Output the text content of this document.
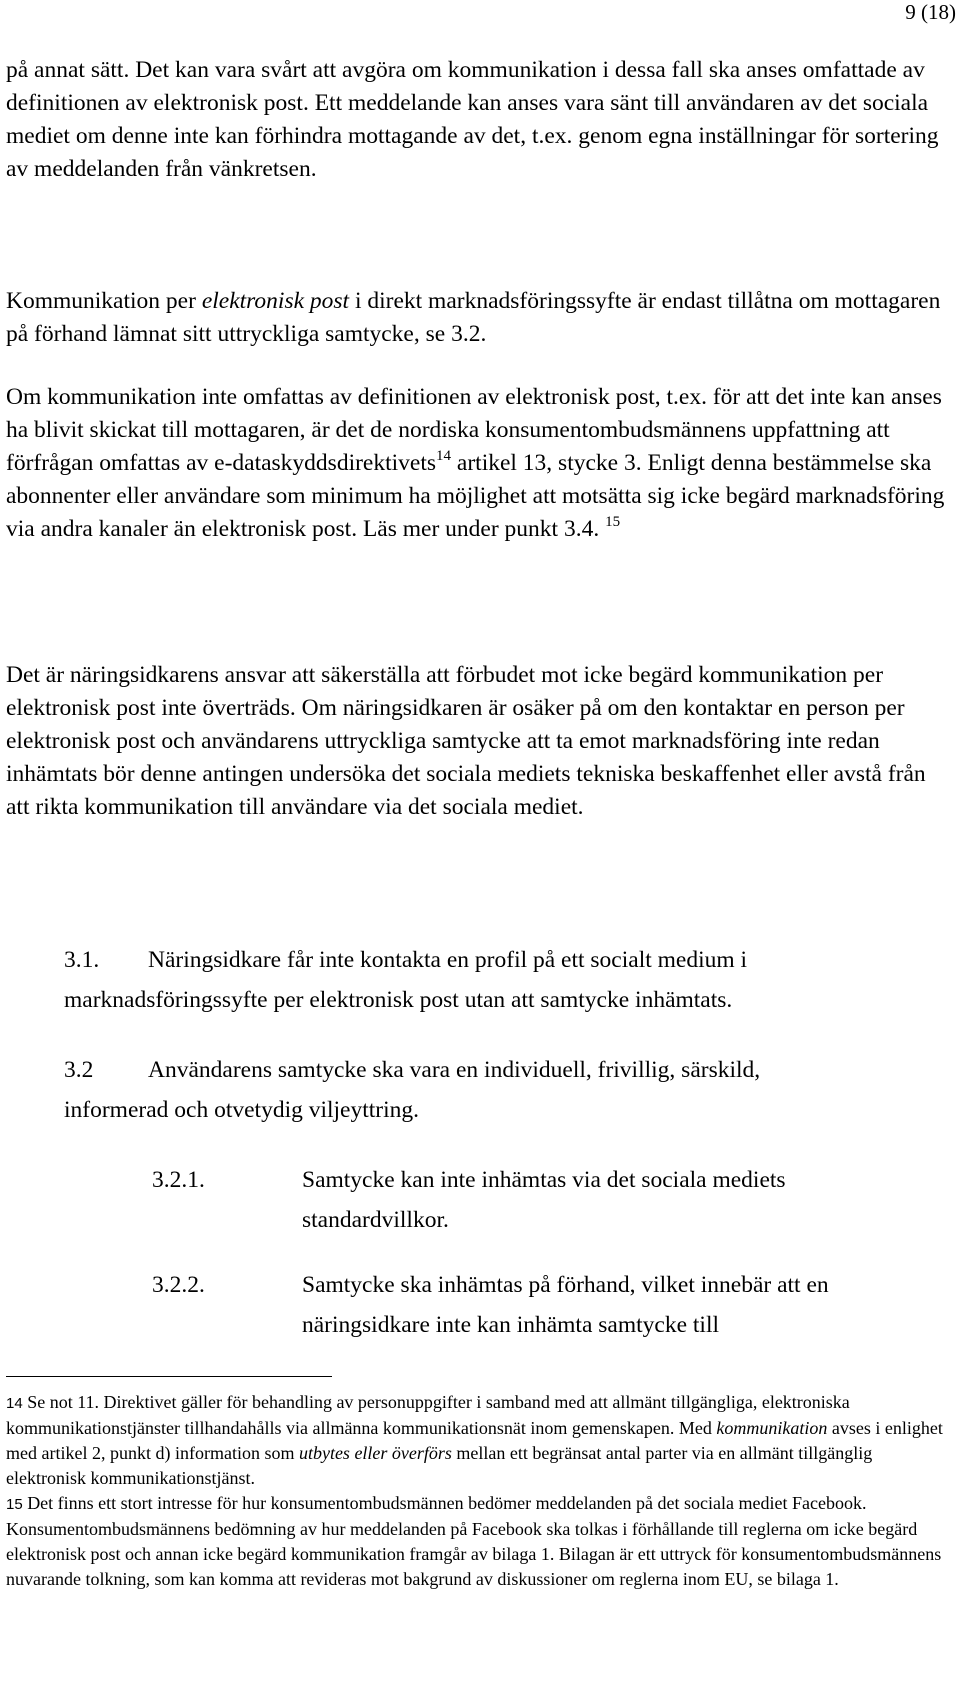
9 (18)

på annat sätt. Det kan vara svårt att avgöra om kommunikation i dessa fall ska anses omfattade av definitionen av elektronisk post. Ett meddelande kan anses vara sänt till användaren av det sociala mediet om denne inte kan förhindra mottagande av det, t.ex. genom egna inställningar för sortering av meddelanden från vänkretsen.

Kommunikation per elektronisk post i direkt marknadsföringssyfte är endast tillåtna om mottagaren på förhand lämnat sitt uttryckliga samtycke, se 3.2.

Om kommunikation inte omfattas av definitionen av elektronisk post, t.ex. för att det inte kan anses ha blivit skickat till mottagaren, är det de nordiska konsumentombudsmännens uppfattning att förfrågan omfattas av e-dataskyddsdirektivets$^{14}$ artikel 13, stycke 3. Enligt denna bestämmelse ska abonnenter eller användare som minimum ha möjlighet att motsätta sig icke begärd marknadsföring via andra kanaler än elektronisk post. Läs mer under punkt 3.4. $^{15}$

Det är näringsidkarens ansvar att säkerställa att förbudet mot icke begärd kommunikation per elektronisk post inte överträds. Om näringsidkaren är osäker på om den kontaktar en person per elektronisk post och användarens uttryckliga samtycke att ta emot marknadsföring inte redan inhämtats bör denne antingen undersöka det sociala mediets tekniska beskaffenhet eller avstå från att rikta kommunikation till användare via det sociala mediet.

3.1. Näringsidkare får inte kontakta en profil på ett socialt medium i marknadsföringssyfte per elektronisk post utan att samtycke inhämtats.

3.2 Användarens samtycke ska vara en individuell, frivillig, särskild, informerad och otvetydig viljeyttring.

3.2.1.	Samtycke kan inte inhämtas via det sociala mediets standardvillkor.

3.2.2.	Samtycke ska inhämtas på förhand, vilket innebär att en näringsidkare inte kan inhämta samtycke till

14 Se not 11. Direktivet gäller för behandling av personuppgifter i samband med att allmänt tillgängliga, elektroniska kommunikationstjänster tillhandahålls via allmänna kommunikationsnät inom gemenskapen. Med kommunikation avses i enlighet med artikel 2, punkt d) information som utbytes eller överförs mellan ett begränsat antal parter via en allmänt tillgänglig elektronisk kommunikationstjänst.

15 Det finns ett stort intresse för hur konsumentombudsmännen bedömer meddelanden på det sociala mediet Facebook. Konsumentombudsmännens bedömning av hur meddelanden på Facebook ska tolkas i förhållande till reglerna om icke begärd elektronisk post och annan icke begärd kommunikation framgår av bilaga 1. Bilagan är ett uttryck för konsumentombudsmännens nuvarande tolkning, som kan komma att revideras mot bakgrund av diskussioner om reglerna inom EU, se bilaga 1.
